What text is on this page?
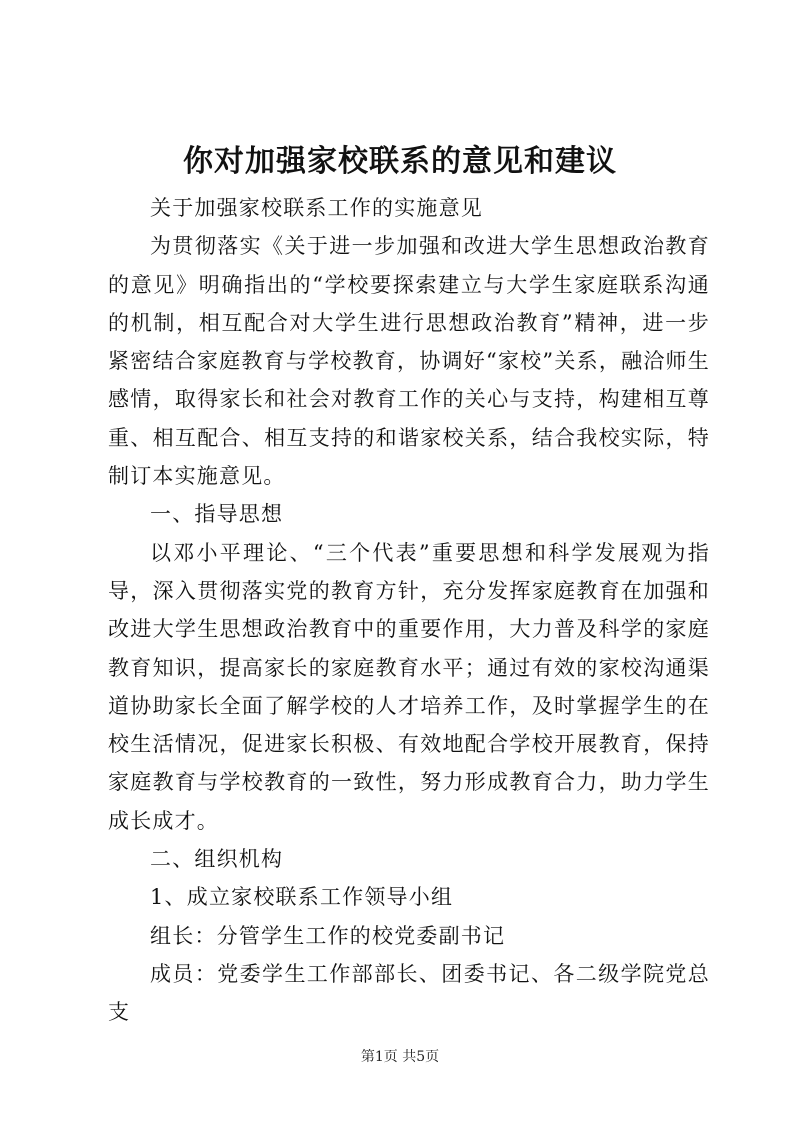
你对加强家校联系的意见和建议

关于加强家校联系工作的实施意见

为贯彻落实《关于进一步加强和改进大学生思想政治教育的意见》明确指出的“学校要探索建立与大学生家庭联系沟通的机制，相互配合对大学生进行思想政治教育”精神，进一步紧密结合家庭教育与学校教育，协调好“家校”关系，融洽师生感情，取得家长和社会对教育工作的关心与支持，构建相互尊重、相互配合、相互支持的和谐家校关系，结合我校实际，特制订本实施意见。

一、指导思想

以邓小平理论、“三个代表”重要思想和科学发展观为指导，深入贯彻落实党的教育方针，充分发挥家庭教育在加强和改进大学生思想政治教育中的重要作用，大力普及科学的家庭教育知识，提高家长的家庭教育水平；通过有效的家校沟通渠道协助家长全面了解学校的人才培养工作，及时掌握学生的在校生活情况，促进家长积极、有效地配合学校开展教育，保持家庭教育与学校教育的一致性，努力形成教育合力，助力学生成长成才。

二、组织机构

1、成立家校联系工作领导小组

组长：分管学生工作的校党委副书记

成员：党委学生工作部部长、团委书记、各二级学院党总支

第1页 共5页
